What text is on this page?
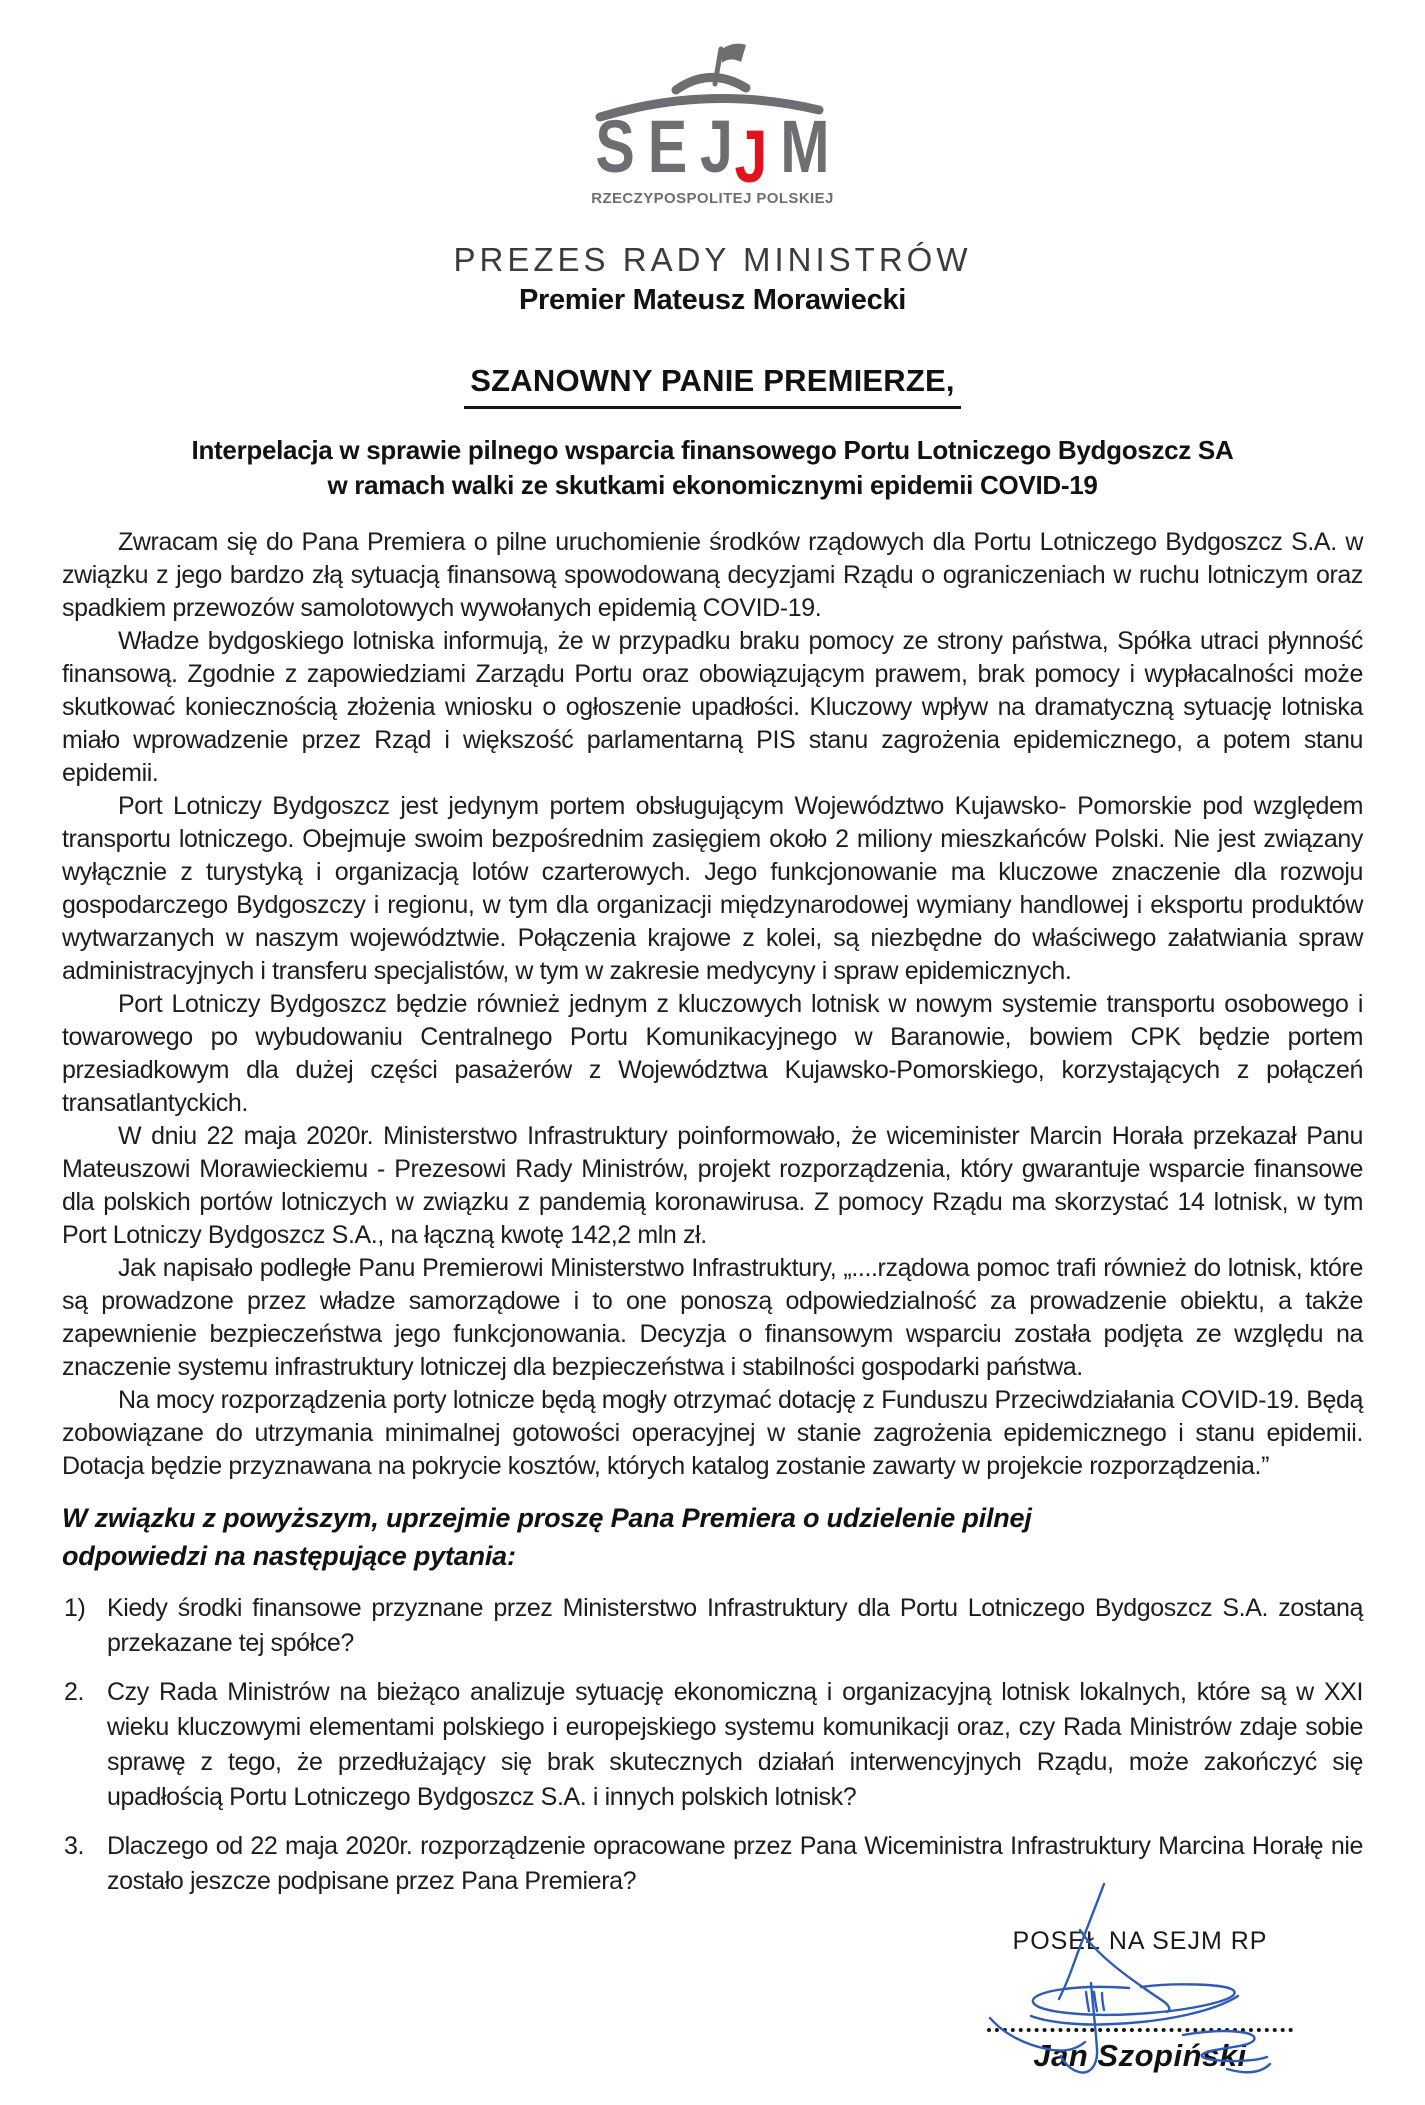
S E J J M
RZECZYPOSPOLITEJ POLSKIEJ
PREZES RADY MINISTRÓW
Premier Mateusz Morawiecki
SZANOWNY PANIE PREMIERZE,
Interpelacja w sprawie pilnego wsparcia finansowego Portu Lotniczego Bydgoszcz SA
w ramach walki ze skutkami ekonomicznymi epidemii COVID-19

Zwracam się do Pana Premiera o pilne uruchomienie środków rządowych dla Portu Lotniczego Bydgoszcz S.A. w związku z jego bardzo złą sytuacją finansową spowodowaną decyzjami Rządu o ograniczeniach w ruchu lotniczym oraz spadkiem przewozów samolotowych wywołanych epidemią COVID-19.

Władze bydgoskiego lotniska informują, że w przypadku braku pomocy ze strony państwa, Spółka utraci płynność finansową. Zgodnie z zapowiedziami Zarządu Portu oraz obowiązującym prawem, brak pomocy i wypłacalności może skutkować koniecznością złożenia wniosku o ogłoszenie upadłości. Kluczowy wpływ na dramatyczną sytuację lotniska miało wprowadzenie przez Rząd i większość parlamentarną PIS stanu zagrożenia epidemicznego, a potem stanu epidemii.

Port Lotniczy Bydgoszcz jest jedynym portem obsługującym Województwo Kujawsko- Pomorskie pod względem transportu lotniczego. Obejmuje swoim bezpośrednim zasięgiem około 2 miliony mieszkańców Polski. Nie jest związany wyłącznie z turystyką i organizacją lotów czarterowych. Jego funkcjonowanie ma kluczowe znaczenie dla rozwoju gospodarczego Bydgoszczy i regionu, w tym dla organizacji międzynarodowej wymiany handlowej i eksportu produktów wytwarzanych w naszym województwie. Połączenia krajowe z kolei, są niezbędne do właściwego załatwiania spraw administracyjnych i transferu specjalistów, w tym w zakresie medycyny i spraw epidemicznych.

Port Lotniczy Bydgoszcz będzie również jednym z kluczowych lotnisk w nowym systemie transportu osobowego i towarowego po wybudowaniu Centralnego Portu Komunikacyjnego w Baranowie, bowiem CPK będzie portem przesiadkowym dla dużej części pasażerów z Województwa Kujawsko-Pomorskiego, korzystających z połączeń transatlantyckich.

W dniu 22 maja 2020r. Ministerstwo Infrastruktury poinformowało, że wiceminister Marcin Horała przekazał Panu Mateuszowi Morawieckiemu - Prezesowi Rady Ministrów, projekt rozporządzenia, który gwarantuje wsparcie finansowe dla polskich portów lotniczych w związku z pandemią koronawirusa. Z pomocy Rządu ma skorzystać 14 lotnisk, w tym Port Lotniczy Bydgoszcz S.A., na łączną kwotę 142,2 mln zł.

Jak napisało podległe Panu Premierowi Ministerstwo Infrastruktury, „....rządowa pomoc trafi również do lotnisk, które są prowadzone przez władze samorządowe i to one ponoszą odpowiedzialność za prowadzenie obiektu, a także zapewnienie bezpieczeństwa jego funkcjonowania. Decyzja o finansowym wsparciu została podjęta ze względu na znaczenie systemu infrastruktury lotniczej dla bezpieczeństwa i stabilności gospodarki państwa.

Na mocy rozporządzenia porty lotnicze będą mogły otrzymać dotację z Funduszu Przeciwdziałania COVID-19. Będą zobowiązane do utrzymania minimalnej gotowości operacyjnej w stanie zagrożenia epidemicznego i stanu epidemii. Dotacja będzie przyznawana na pokrycie kosztów, których katalog zostanie zawarty w projekcie rozporządzenia.”

W związku z powyższym, uprzejmie proszę Pana Premiera o udzielenie pilnej
odpowiedzi na następujące pytania:
1) Kiedy środki finansowe przyznane przez Ministerstwo Infrastruktury dla Portu Lotniczego Bydgoszcz S.A. zostaną przekazane tej spółce?
2. Czy Rada Ministrów na bieżąco analizuje sytuację ekonomiczną i organizacyjną lotnisk lokalnych, które są w XXI wieku kluczowymi elementami polskiego i europejskiego systemu komunikacji oraz, czy Rada Ministrów zdaje sobie sprawę z tego, że przedłużający się brak skutecznych działań interwencyjnych Rządu, może zakończyć się upadłością Portu Lotniczego Bydgoszcz S.A. i innych polskich lotnisk?
3. Dlaczego od 22 maja 2020r. rozporządzenie opracowane przez Pana Wiceministra Infrastruktury Marcina Horałę nie zostało jeszcze podpisane przez Pana Premiera?
POSEŁ NA SEJM RP
Jan Szopiński
